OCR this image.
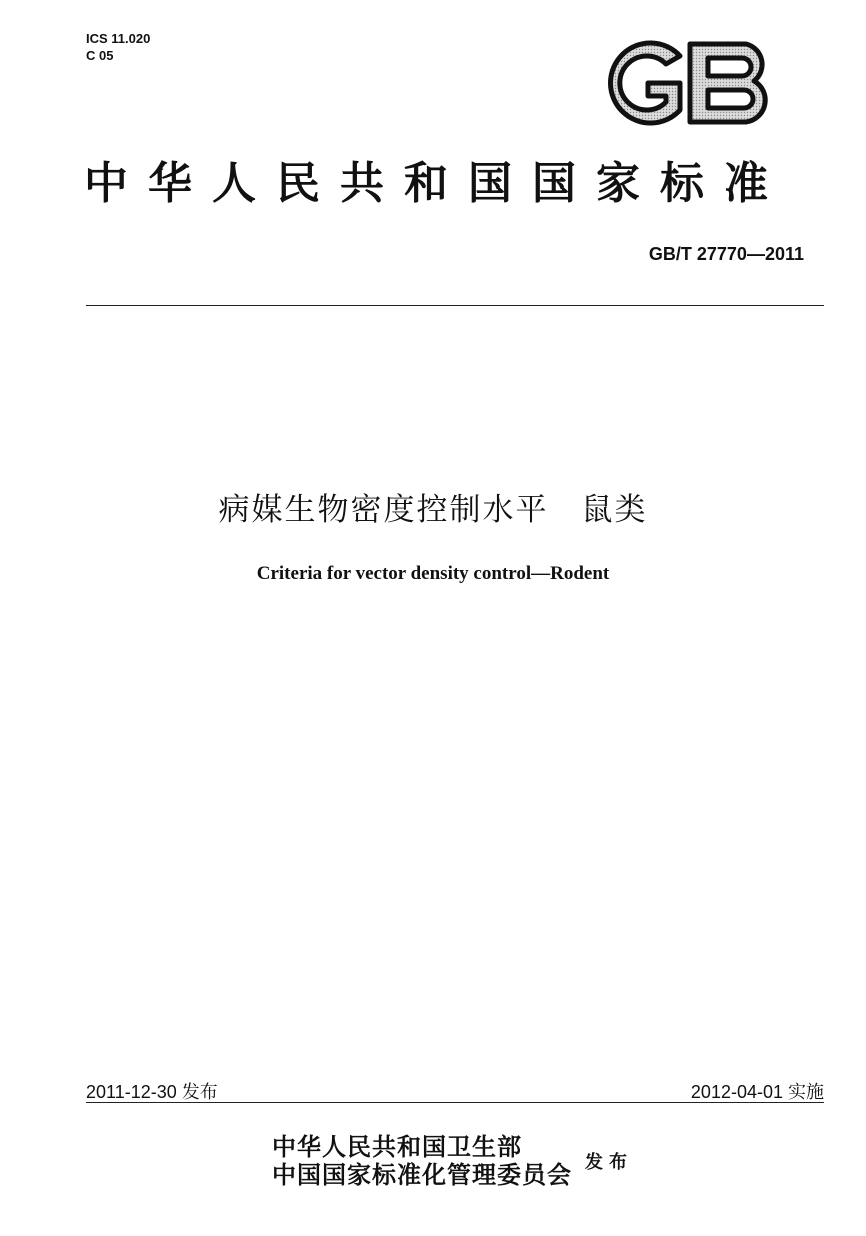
ICS 11.020
C 05
中华人民共和国国家标准
GB/T 27770—2011
病媒生物密度控制水平　鼠类
Criteria for vector density control—Rodent
2011-12-30 发布	2012-04-01 实施
中华人民共和国卫生部
中国国家标准化管理委员会 发布
